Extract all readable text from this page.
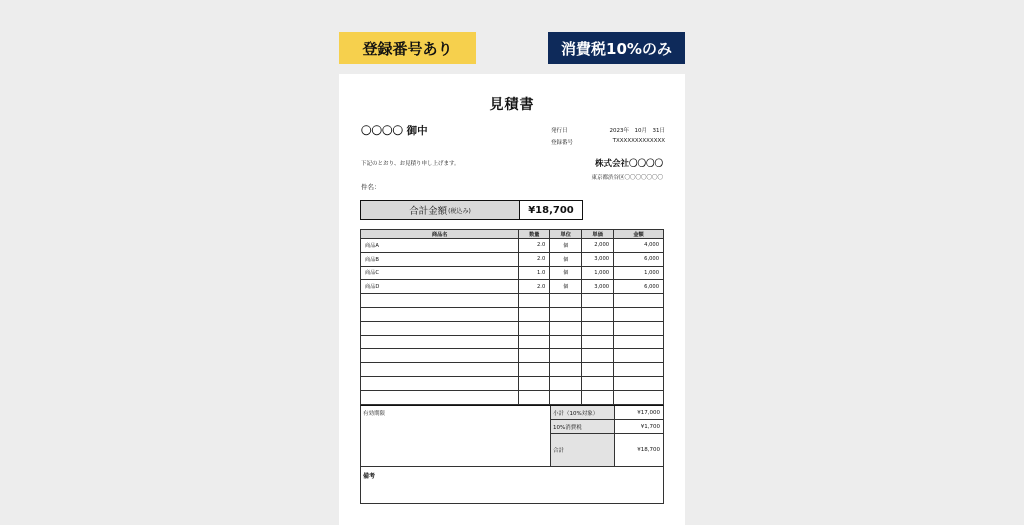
登録番号あり	消費税10%のみ
見積書
〇〇〇〇 御中	発行日	2023年　10月　31日
登録番号	TXXXXXXXXXXXXX
下記のとおり、お見積り申し上げます。	株式会社〇〇〇〇
東京都渋谷区〇〇〇〇〇〇〇
件名：
合計金額 (税込み)	¥18,700
商品名	数量	単位	単価	金額
商品A	2.0	個	2,000	4,000
商品B	2.0	個	3,000	6,000
商品C	1.0	個	1,000	1,000
商品D	2.0	個	3,000	6,000

有効期限	小計（10%対象）	¥17,000
10%消費税	¥1,700
合計	¥18,700
備考
